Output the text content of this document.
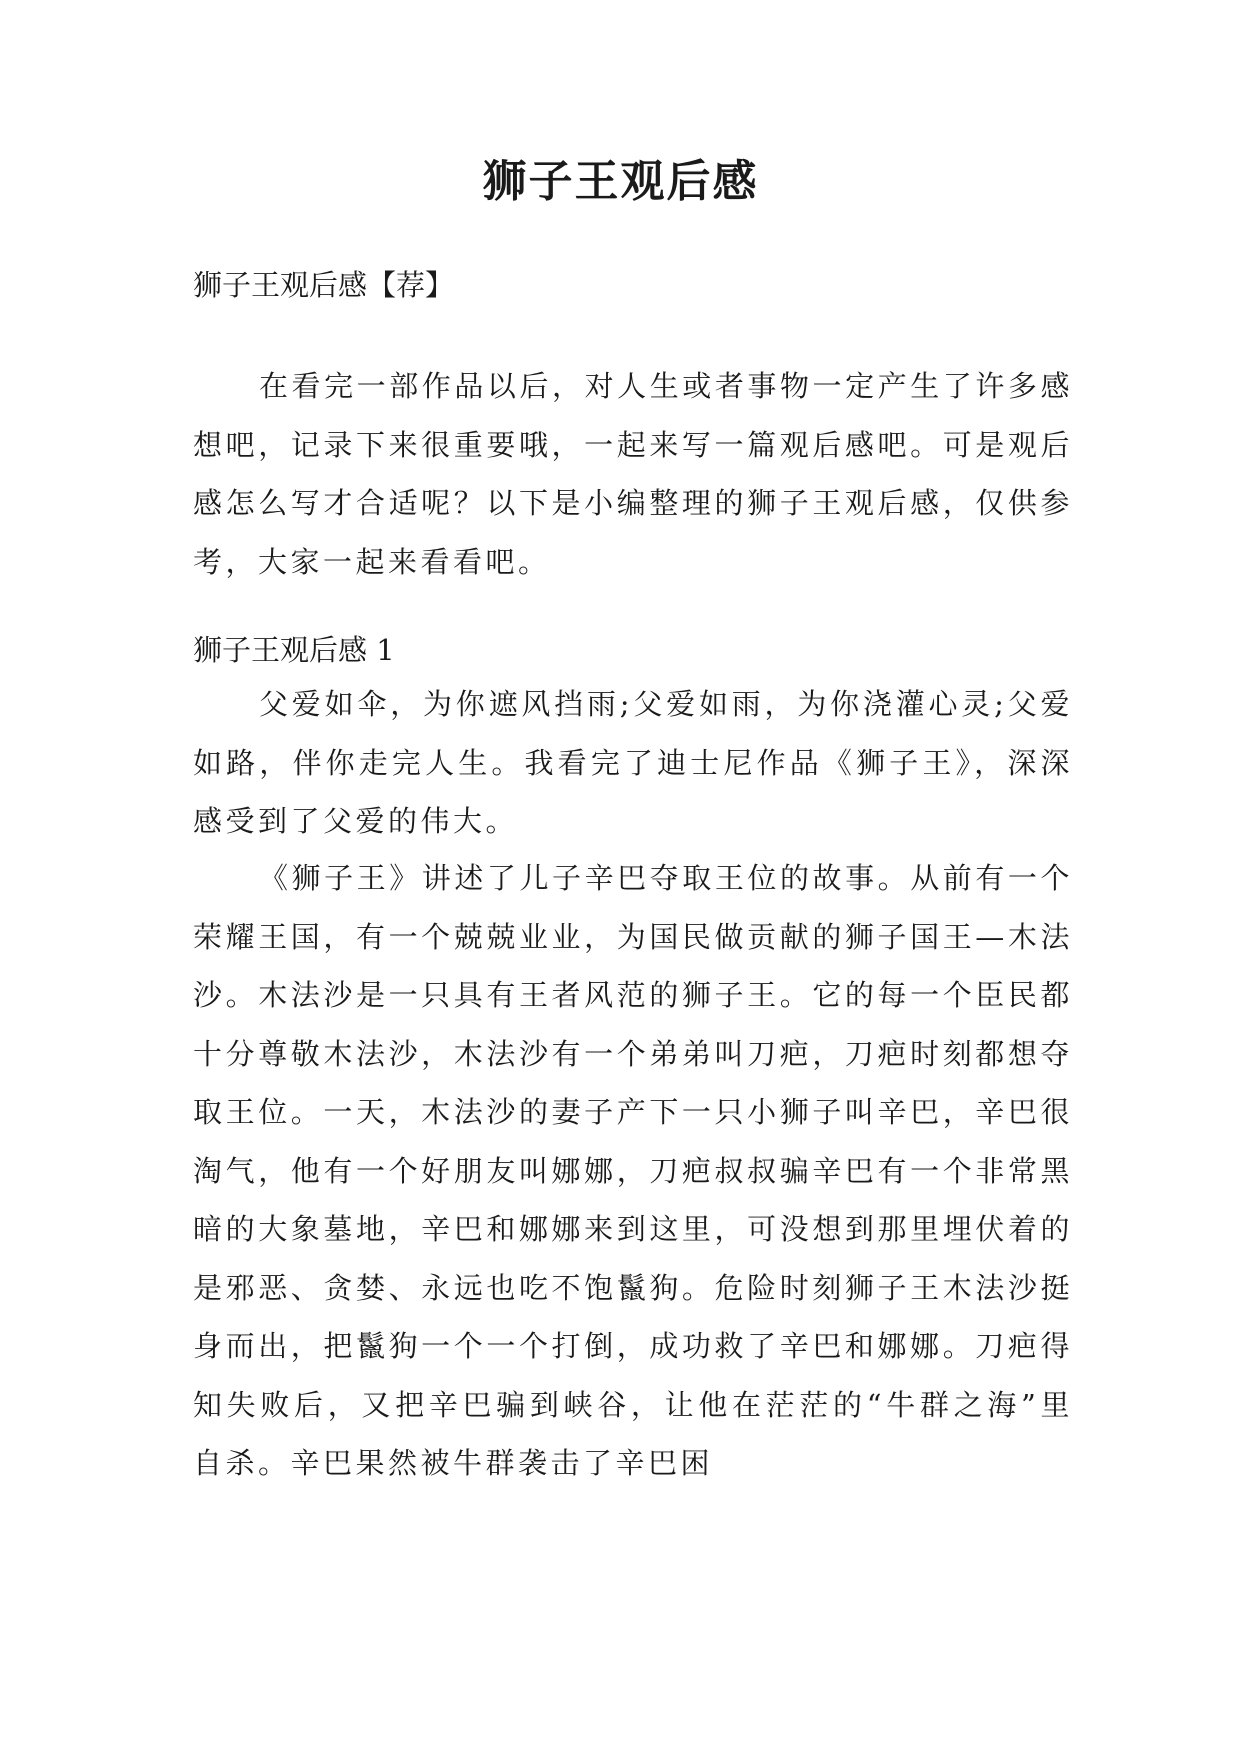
狮子王观后感

狮子王观后感【荐】

在看完一部作品以后，对人生或者事物一定产生了许多感想吧，记录下来很重要哦，一起来写一篇观后感吧。可是观后感怎么写才合适呢？以下是小编整理的狮子王观后感，仅供参考，大家一起来看看吧。

狮子王观后感 1

父爱如伞，为你遮风挡雨;父爱如雨，为你浇灌心灵;父爱如路，伴你走完人生。我看完了迪士尼作品《狮子王》，深深感受到了父爱的伟大。

《狮子王》讲述了儿子辛巴夺取王位的故事。从前有一个荣耀王国，有一个兢兢业业，为国民做贡献的狮子国王—木法沙。木法沙是一只具有王者风范的狮子王。它的每一个臣民都十分尊敬木法沙，木法沙有一个弟弟叫刀疤，刀疤时刻都想夺取王位。一天，木法沙的妻子产下一只小狮子叫辛巴，辛巴很淘气，他有一个好朋友叫娜娜，刀疤叔叔骗辛巴有一个非常黑暗的大象墓地，辛巴和娜娜来到这里，可没想到那里埋伏着的是邪恶、贪婪、永远也吃不饱鬣狗。危险时刻狮子王木法沙挺身而出，把鬣狗一个一个打倒，成功救了辛巴和娜娜。刀疤得知失败后，又把辛巴骗到峡谷，让他在茫茫的“牛群之海”里自杀。辛巴果然被牛群袭击了辛巴困
